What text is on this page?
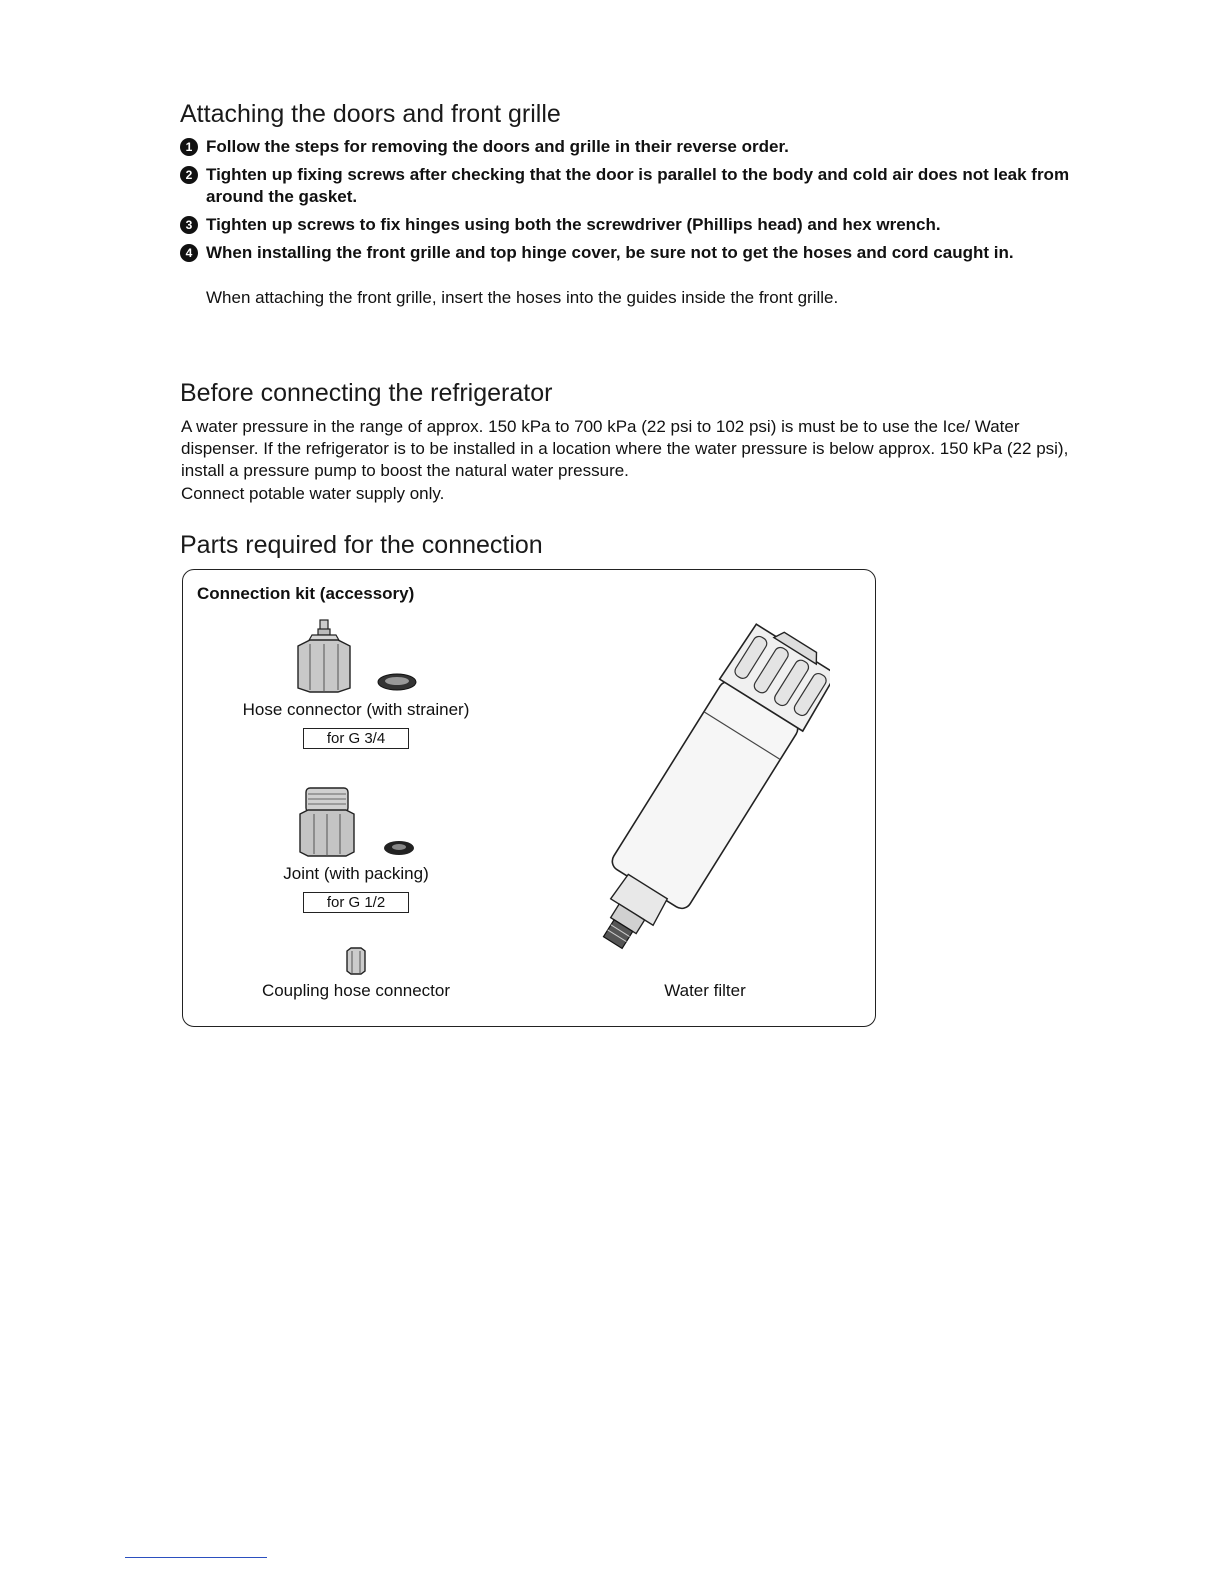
Attaching the doors and front grille
1 Follow the steps for removing the doors and grille in their reverse order.
2 Tighten up fixing screws after checking that the door is parallel to the body and cold air does not leak from around the gasket.
3 Tighten up screws to fix hinges using both the screwdriver (Phillips head) and hex wrench.
4 When installing the front grille and top hinge cover, be sure not to get the hoses and cord caught in.
When attaching the front grille, insert the hoses into the guides inside the front grille.
Before connecting the refrigerator
A water pressure in the range of approx. 150 kPa to 700 kPa (22 psi to 102 psi) is must be to use the Ice/ Water dispenser. If the refrigerator is to be installed in a location where the water pressure is below approx. 150 kPa (22 psi), install a pressure pump to boost the natural water pressure.
Connect potable water supply only.
Parts required for the connection
Connection kit (accessory)
Hose connector (with strainer)
for G 3/4
Joint (with packing)
for G 1/2
Coupling hose connector	Water filter
